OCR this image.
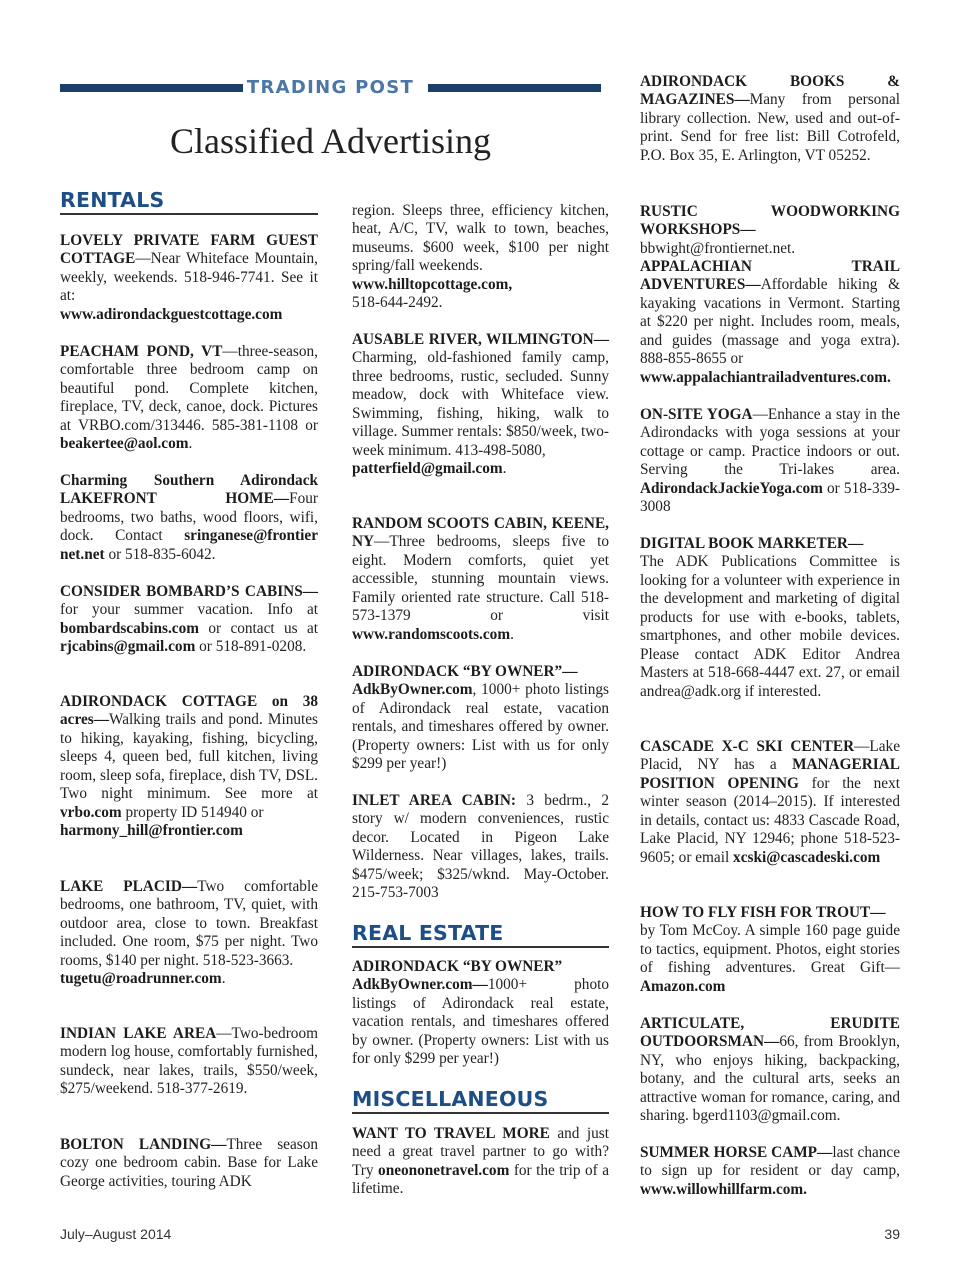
TRADING POST
Classified Advertising
RENTALS

LOVELY PRIVATE FARM GUEST COTTAGE—Near Whiteface Mountain, weekly, weekends. 518-946-7741. See it at:
www.adirondackguestcottage.com

PEACHAM POND, VT—three-season, comfortable three bedroom camp on beautiful pond. Complete kitchen, fireplace, TV, deck, canoe, dock. Pictures at VRBO.com/313446. 585-381-1108 or beakertee@aol.com.

Charming Southern Adirondack LAKEFRONT HOME—Four bedrooms, two baths, wood floors, wifi, dock. Contact sringanese@frontier net.net or 518-835-6042.

CONSIDER BOMBARD’S CABINS—for your summer vacation. Info at bombardscabins.com or contact us at rjcabins@gmail.com or 518-891-0208.

ADIRONDACK COTTAGE on 38 acres—Walking trails and pond. Minutes to hiking, kayaking, fishing, bicycling, sleeps 4, queen bed, full kitchen, living room, sleep sofa, fireplace, dish TV, DSL. Two night minimum. See more at vrbo.com property ID 514940 or
harmony_hill@frontier.com

LAKE PLACID—Two comfortable bedrooms, one bathroom, TV, quiet, with outdoor area, close to town. Breakfast included. One room, $75 per night. Two rooms, $140 per night. 518-523-3663.
tugetu@roadrunner.com.

INDIAN LAKE AREA—Two-bedroom modern log house, comfortably furnished, sundeck, near lakes, trails, $550/week, $275/weekend. 518-377-2619.

BOLTON LANDING—Three season cozy one bedroom cabin. Base for Lake George activities, touring ADK

region. Sleeps three, efficiency kitchen, heat, A/C, TV, walk to town, beaches, museums. $600 week, $100 per night spring/fall weekends.
www.hilltopcottage.com,
518-644-2492.

AUSABLE RIVER, WILMINGTON—Charming, old-fashioned family camp, three bedrooms, rustic, secluded. Sunny meadow, dock with Whiteface view. Swimming, fishing, hiking, walk to village. Summer rentals: $850/week, two-week minimum. 413-498-5080,
patterfield@gmail.com.

RANDOM SCOOTS CABIN, KEENE, NY—Three bedrooms, sleeps five to eight. Modern comforts, quiet yet accessible, stunning mountain views. Family oriented rate structure. Call 518-573-1379 or visit www.randomscoots.com.

ADIRONDACK “BY OWNER”—
AdkByOwner.com, 1000+ photo listings of Adirondack real estate, vacation rentals, and timeshares offered by owner. (Property owners: List with us for only $299 per year!)

INLET AREA CABIN: 3 bedrm., 2 story w/ modern conveniences, rustic decor. Located in Pigeon Lake Wilderness. Near villages, lakes, trails. $475/week; $325/wknd. May-October. 215-753-7003

REAL ESTATE

ADIRONDACK “BY OWNER”
AdkByOwner.com—1000+ photo listings of Adirondack real estate, vacation rentals, and timeshares offered by owner. (Property owners: List with us for only $299 per year!)

MISCELLANEOUS

WANT TO TRAVEL MORE and just need a great travel partner to go with? Try oneononetravel.com for the trip of a lifetime.

ADIRONDACK BOOKS & MAGAZINES—Many from personal library collection. New, used and out-of-print. Send for free list: Bill Cotrofeld, P.O. Box 35, E. Arlington, VT 05252.

RUSTIC WOODWORKING WORKSHOPS—bbwight@frontiernet.net.

APPALACHIAN TRAIL ADVENTURES—Affordable hiking & kayaking vacations in Vermont. Starting at $220 per night. Includes room, meals, and guides (massage and yoga extra). 888-855-8655 or
www.appalachiantrailadventures.com.

ON-SITE YOGA—Enhance a stay in the Adirondacks with yoga sessions at your cottage or camp. Practice indoors or out. Serving the Tri-lakes area. AdirondackJackieYoga.com or 518-339-3008

DIGITAL BOOK MARKETER—
The ADK Publications Committee is looking for a volunteer with experience in the development and marketing of digital products for use with e-books, tablets, smartphones, and other mobile devices. Please contact ADK Editor Andrea Masters at 518-668-4447 ext. 27, or email andrea@adk.org if interested.

CASCADE X-C SKI CENTER—Lake Placid, NY has a MANAGERIAL POSITION OPENING for the next winter season (2014–2015). If interested in details, contact us: 4833 Cascade Road, Lake Placid, NY 12946; phone 518-523-9605; or email xcski@cascadeski.com

HOW TO FLY FISH FOR TROUT—
by Tom McCoy. A simple 160 page guide to tactics, equipment. Photos, eight stories of fishing adventures. Great Gift—Amazon.com

ARTICULATE, ERUDITE OUTDOORSMAN—66, from Brooklyn, NY, who enjoys hiking, backpacking, botany, and the cultural arts, seeks an attractive woman for romance, caring, and sharing. bgerd1103@gmail.com.

SUMMER HORSE CAMP—last chance to sign up for resident or day camp, www.willowhillfarm.com.

July–August 2014	39
